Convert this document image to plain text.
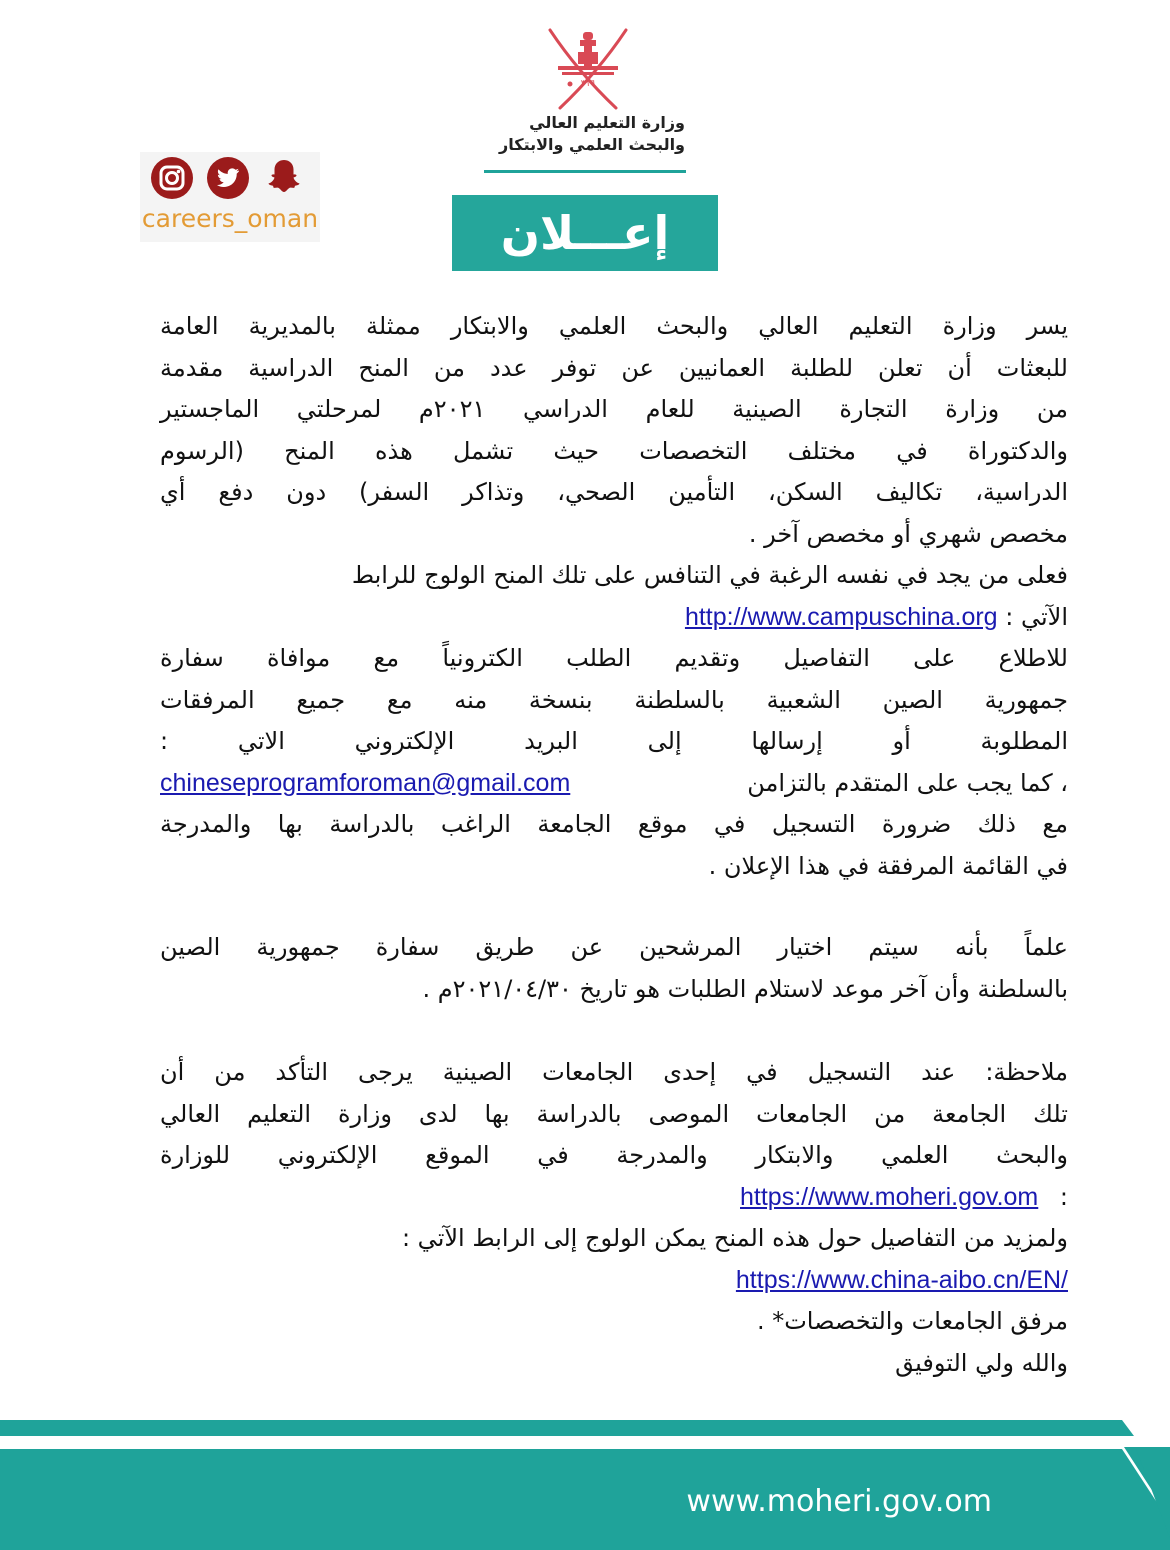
٣١٦
وزارة التعليم العالي
والبحث العلمي والابتكار
careers_oman	إعـــلان
يسر وزارة التعليم العالي والبحث العلمي والابتكار ممثلة بالمديرية العامة
للبعثات أن تعلن للطلبة العمانيين عن توفر عدد من المنح الدراسية مقدمة
من وزارة التجارة الصينية للعام الدراسي ٢٠٢١م لمرحلتي الماجستير
والدكتوراة في مختلف التخصصات حيث تشمل هذه المنح (الرسوم
الدراسية، تكاليف السكن، التأمين الصحي، وتذاكر السفر) دون دفع أي
مخصص شهري أو مخصص آخر .
فعلى من يجد في نفسه الرغبة في التنافس على تلك المنح الولوج للرابط
الآتي : http://www.campuschina.org
للاطلاع على التفاصيل وتقديم الطلب الكترونياً مع موافاة سفارة
جمهورية الصين الشعبية بالسلطنة بنسخة منه مع جميع المرفقات
المطلوبة أو إرسالها إلى البريد الإلكتروني الاتي :
، كما يجب على المتقدم بالتزامن
chineseprogramforoman@gmail.com
مع ذلك ضرورة التسجيل في موقع الجامعة الراغب بالدراسة بها والمدرجة
في القائمة المرفقة في هذا الإعلان .
علماً بأنه سيتم اختيار المرشحين عن طريق سفارة جمهورية الصين
بالسلطنة وأن آخر موعد لاستلام الطلبات هو تاريخ ٢٠٢١/٠٤/٣٠م .
ملاحظة: عند التسجيل في إحدى الجامعات الصينية يرجى التأكد من أن
تلك الجامعة من الجامعات الموصى بالدراسة بها لدى وزارة التعليم العالي
والبحث العلمي والابتكار والمدرجة في الموقع الإلكتروني للوزارة
: https://www.moheri.gov.om
ولمزيد من التفاصيل حول هذه المنح يمكن الولوج إلى الرابط الآتي :
https://www.china-aibo.cn/EN/
مرفق الجامعات والتخصصات* .
والله ولي التوفيق
www.moheri.gov.om
